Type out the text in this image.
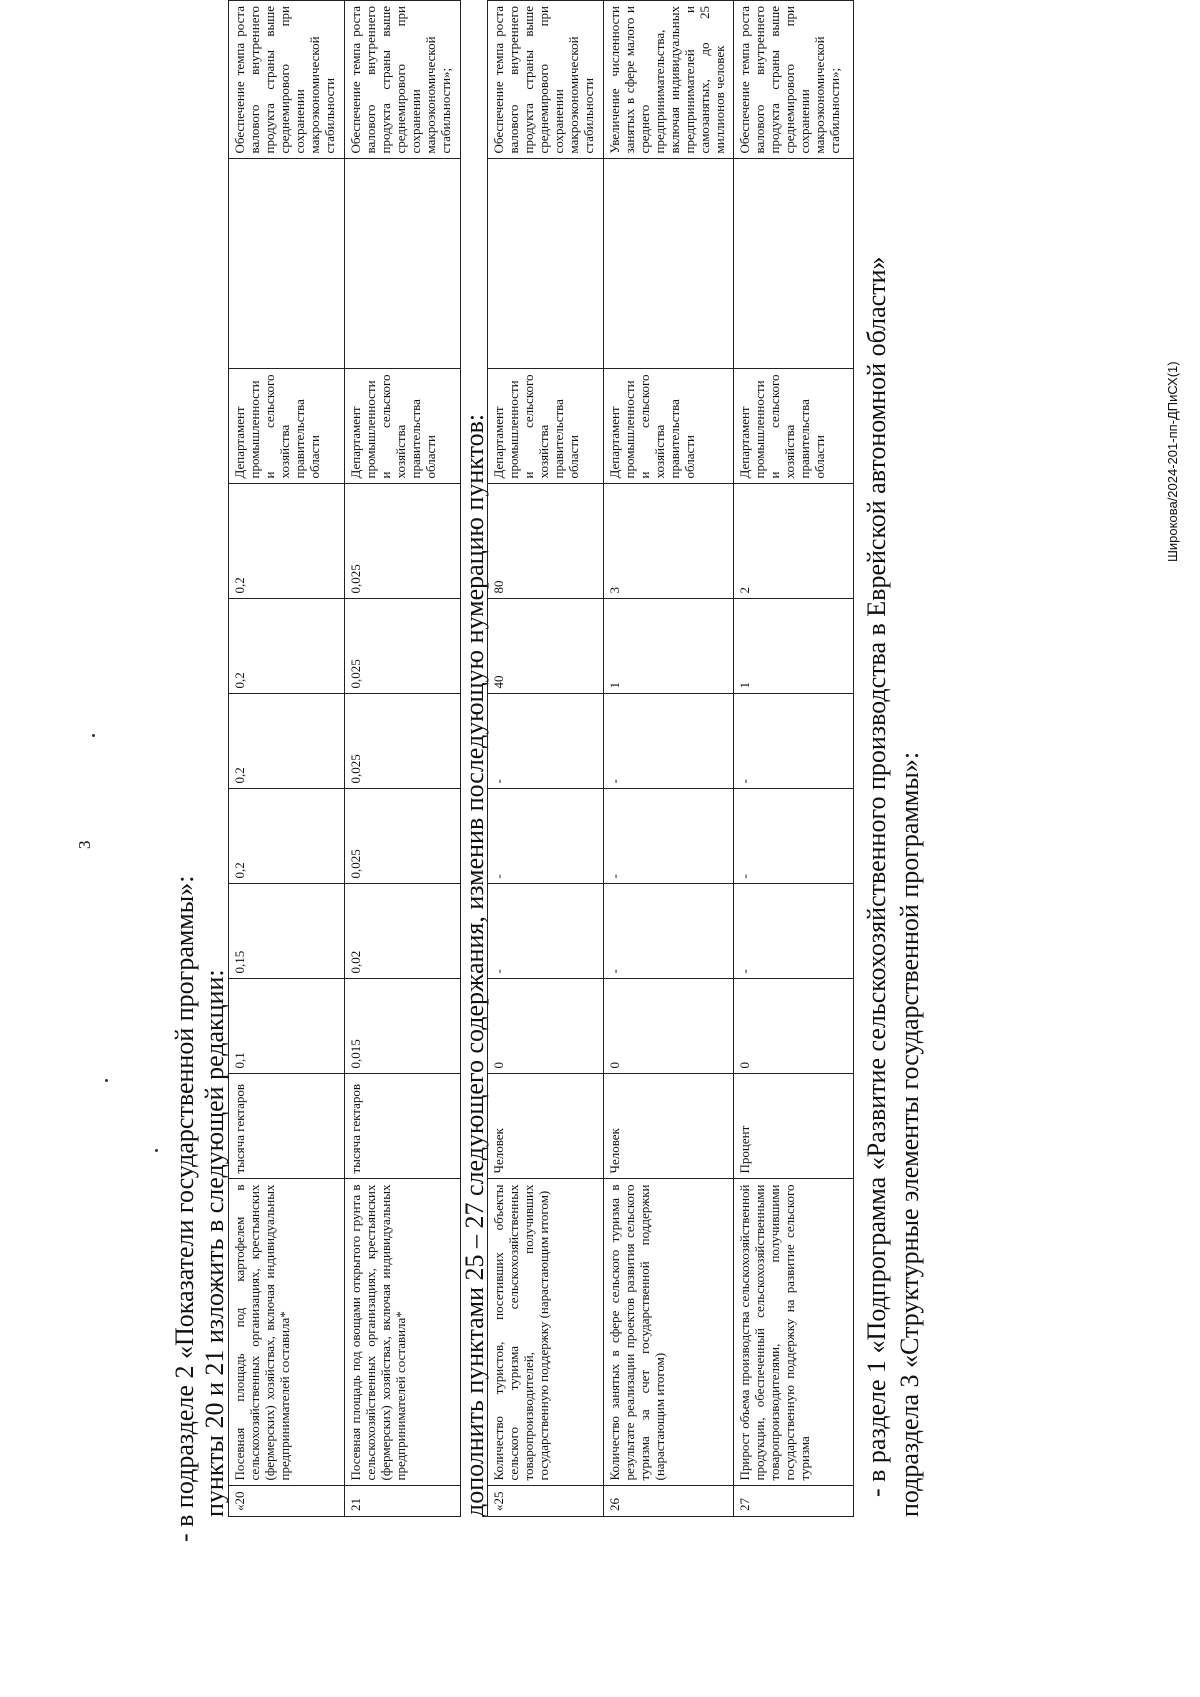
3
Широкова/2024-201-пп-ДПиСХ(1)
- в подразделе 2 «Показатели государственной программы»: пункты 20 и 21 изложить в следующей редакции: «20	Посевная площадь под картофелем в сельскохозяйственных организациях, крестьянских (фермерских) хозяйствах, включая индивидуальных предпринимателей составила*	тысяча гектаров	0,1	0,15	0,2	0,2	0,2	0,2	Департамент промышленности и сельского хозяйства правительства области		Обеспечение темпа роста валового внутреннего продукта страны выше среднемирового при сохранении макроэкономической стабильности
21	Посевная площадь под овощами открытого грунта в сельскохозяйственных организациях, крестьянских (фермерских) хозяйствах, включая индивидуальных предпринимателей составила*	тысяча гектаров	0,015	0,02	0,025	0,025	0,025	0,025	Департамент промышленности и сельского хозяйства правительства области		Обеспечение темпа роста валового внутреннего продукта страны выше среднемирового при сохранении макроэкономической стабильности»;
дополнить пунктами 25 – 27 следующего содержания, изменив последующую нумерацию пунктов: «25	Количество туристов, посетивших объекты сельского туризма сельскохозяйственных товаропроизводителей, получивших государственную поддержку (нарастающим итогом)	Человек	0	-	-	-	40	80	Департамент промышленности и сельского хозяйства правительства области		Обеспечение темпа роста валового внутреннего продукта страны выше среднемирового при сохранении макроэкономической стабильности
26	Количество занятых в сфере сельского туризма в результате реализации проектов развития сельского туризма за счет государственной поддержки (нарастающим итогом)	Человек	0	-	-	-	1	3	Департамент промышленности и сельского хозяйства правительства области		Увеличение численности занятых в сфере малого и среднего предпринимательства, включая индивидуальных предпринимателей и самозанятых, до 25 миллионов человек
27	Прирост объема производства сельскохозяйственной продукции, обеспеченный сельскохозяйственными товаропроизводителями, получившими государственную поддержку на развитие сельского туризма	Процент	0	-	-	-	1	2	Департамент промышленности и сельского хозяйства правительства области		Обеспечение темпа роста валового внутреннего продукта страны выше среднемирового при сохранении макроэкономической стабильности»;
- в разделе 1 «Подпрограмма «Развитие сельскохозяйственного производства в Еврейской автономной области» подраздела 3 «Структурные элементы государственной программы»:
